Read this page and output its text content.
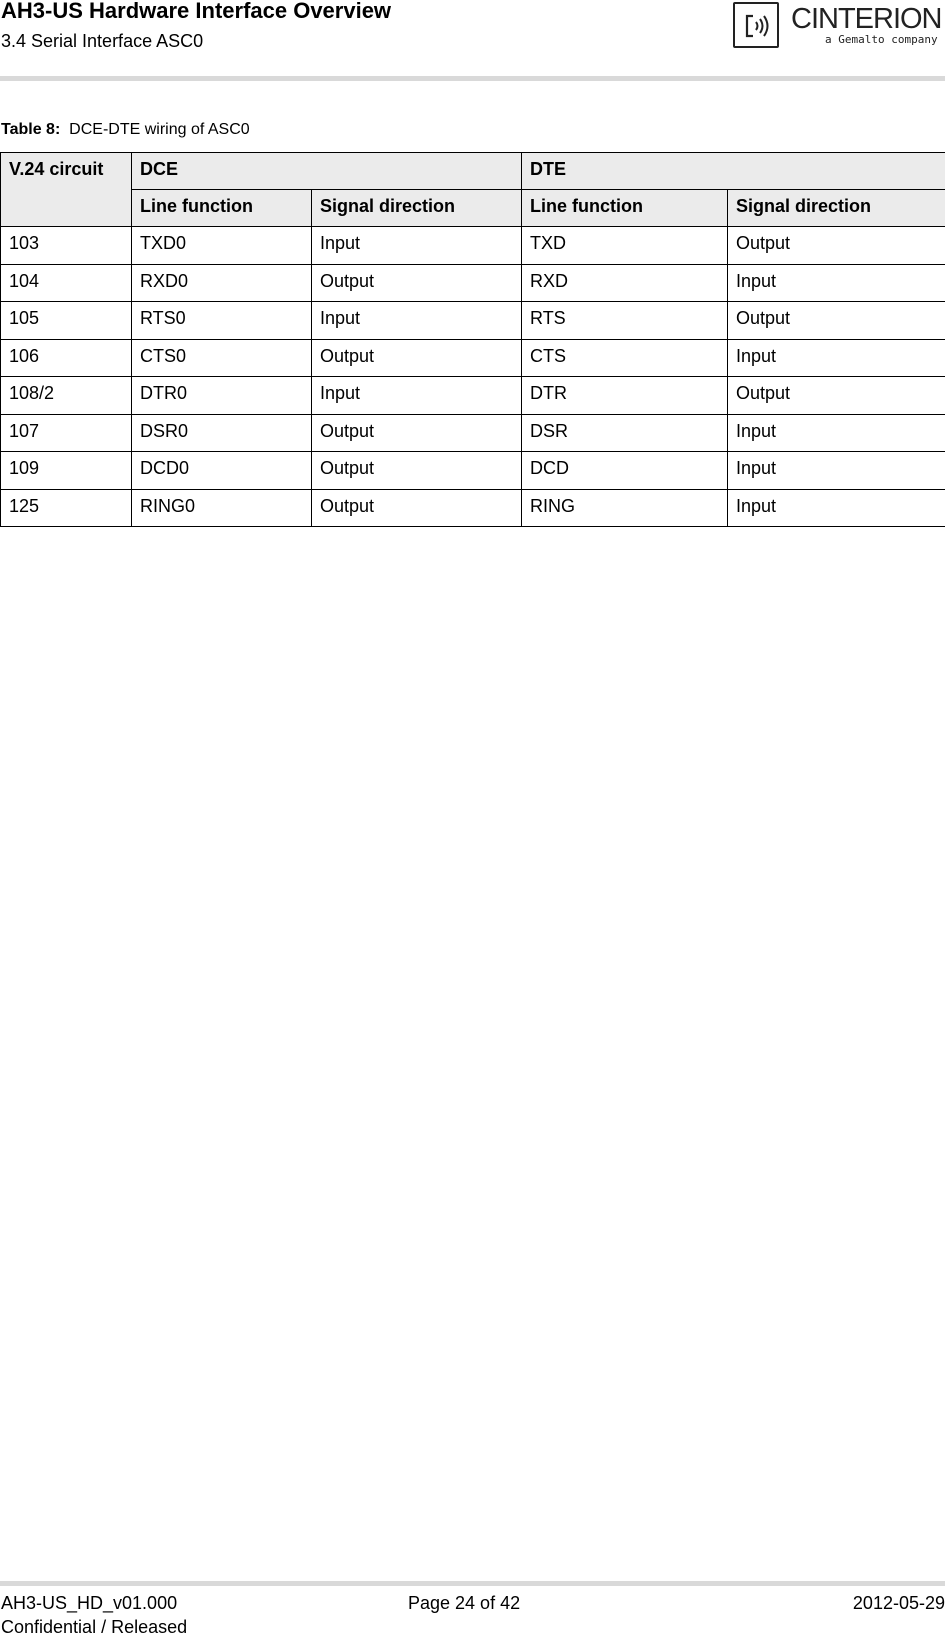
AH3-US Hardware Interface Overview
3.4 Serial Interface ASC0
CINTERION
a Gemalto company
Table 8: DCE-DTE wiring of ASC0
V.24 circuit	DCE		DTE	
	Line function	Signal direction	Line function	Signal direction
103	TXD0	Input	TXD	Output
104	RXD0	Output	RXD	Input
105	RTS0	Input	RTS	Output
106	CTS0	Output	CTS	Input
108/2	DTR0	Input	DTR	Output
107	DSR0	Output	DSR	Input
109	DCD0	Output	DCD	Input
125	RING0	Output	RING	Input
AH3-US_HD_v01.000
Confidential / Released
Page 24 of 42	2012-05-29
